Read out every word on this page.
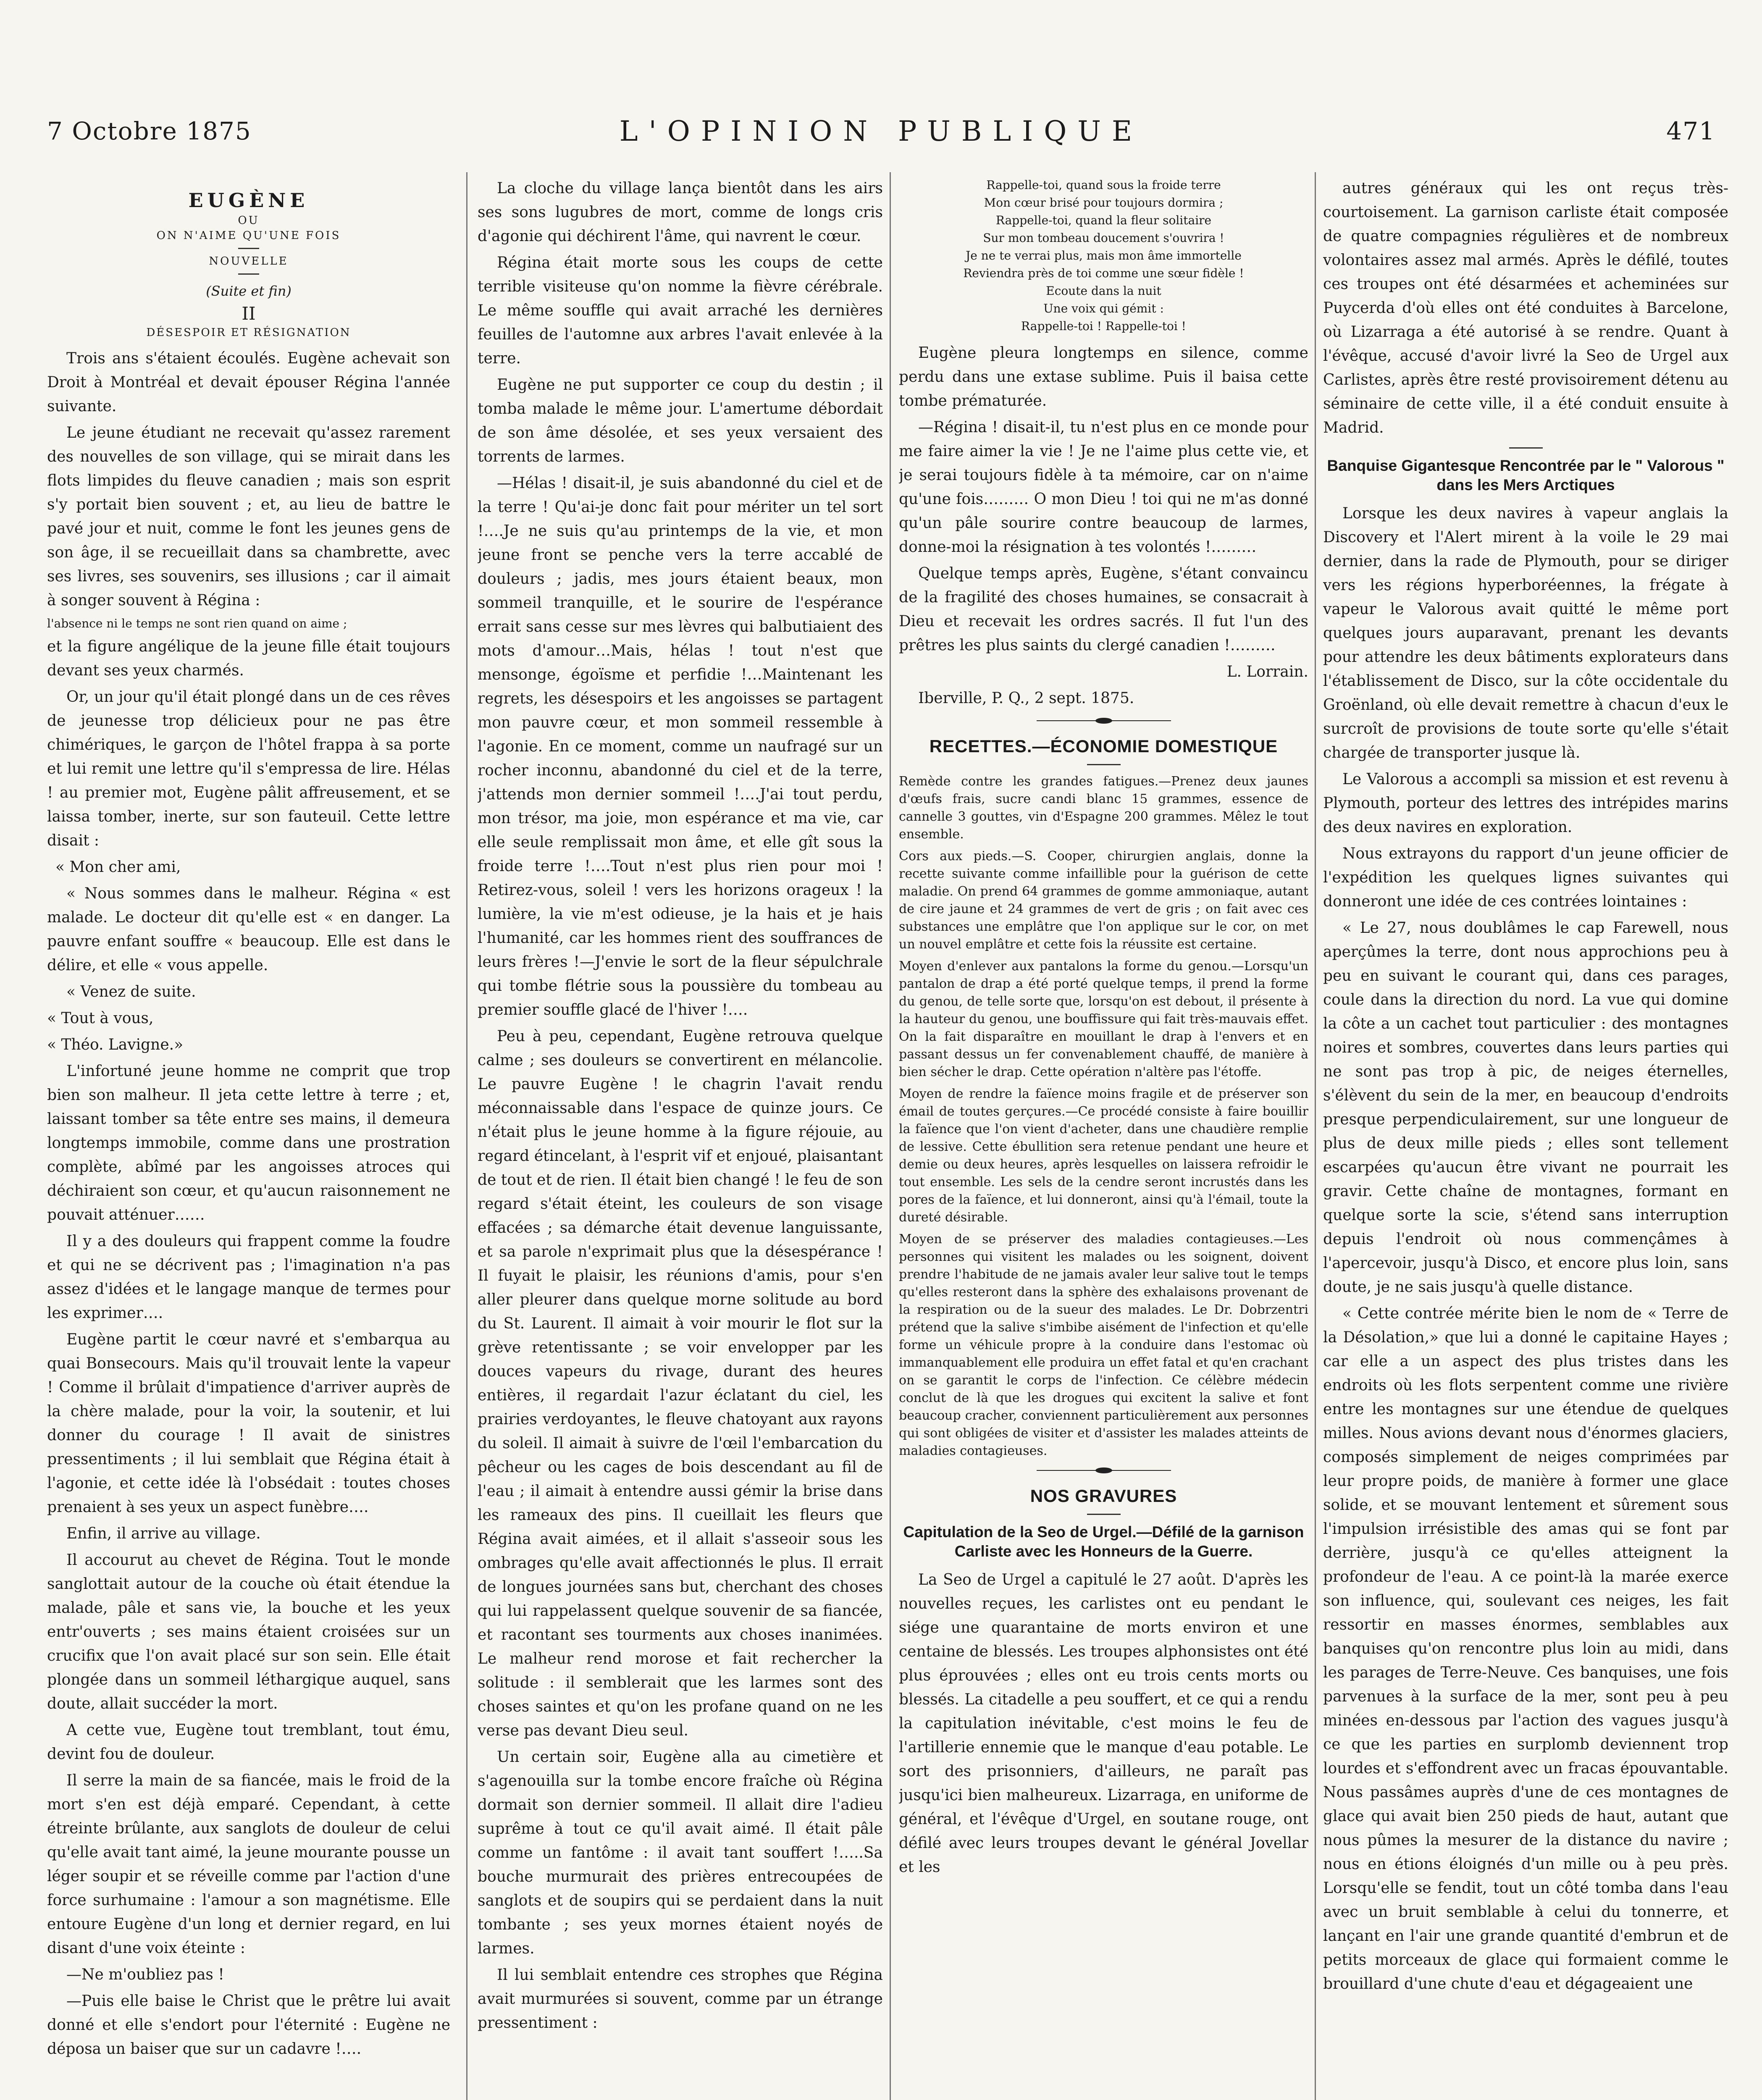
7 Octobre 1875	L'OPINION PUBLIQUE	471
EUGÈNE
OU
ON N'AIME QU'UNE FOIS
NOUVELLE
(Suite et fin)
II
DÉSESPOIR ET RÉSIGNATION

Trois ans s'étaient écoulés. Eugène achevait son Droit à Montréal et devait épouser Régina l'année suivante.

Le jeune étudiant ne recevait qu'assez rarement des nouvelles de son village, qui se mirait dans les flots limpides du fleuve canadien ; mais son esprit s'y portait bien souvent ; et, au lieu de battre le pavé jour et nuit, comme le font les jeunes gens de son âge, il se recueillait dans sa chambrette, avec ses livres, ses souvenirs, ses illusions ; car il aimait à songer souvent à Régina :

l'absence ni le temps ne sont rien quand on aime ;

et la figure angélique de la jeune fille était toujours devant ses yeux charmés.

Or, un jour qu'il était plongé dans un de ces rêves de jeunesse trop délicieux pour ne pas être chimériques, le garçon de l'hôtel frappa à sa porte et lui remit une lettre qu'il s'empressa de lire. Hélas ! au premier mot, Eugène pâlit affreusement, et se laissa tomber, inerte, sur son fauteuil. Cette lettre disait :

« Mon cher ami,

« Nous sommes dans le malheur. Régina « est malade. Le docteur dit qu'elle est « en danger. La pauvre enfant souffre « beaucoup. Elle est dans le délire, et elle « vous appelle.

« Venez de suite.

« Tout à vous,

« Théo. Lavigne.»

L'infortuné jeune homme ne comprit que trop bien son malheur. Il jeta cette lettre à terre ; et, laissant tomber sa tête entre ses mains, il demeura longtemps immobile, comme dans une prostration complète, abîmé par les angoisses atroces qui déchiraient son cœur, et qu'aucun raisonnement ne pouvait atténuer……

Il y a des douleurs qui frappent comme la foudre et qui ne se décrivent pas ; l'imagination n'a pas assez d'idées et le langage manque de termes pour les exprimer….

Eugène partit le cœur navré et s'embarqua au quai Bonsecours. Mais qu'il trouvait lente la vapeur ! Comme il brûlait d'impatience d'arriver auprès de la chère malade, pour la voir, la soutenir, et lui donner du courage ! Il avait de sinistres pressentiments ; il lui semblait que Régina était à l'agonie, et cette idée là l'obsédait : toutes choses prenaient à ses yeux un aspect funèbre….

Enfin, il arrive au village.

Il accourut au chevet de Régina. Tout le monde sanglottait autour de la couche où était étendue la malade, pâle et sans vie, la bouche et les yeux entr'ouverts ; ses mains étaient croisées sur un crucifix que l'on avait placé sur son sein. Elle était plongée dans un sommeil léthargique auquel, sans doute, allait succéder la mort.

A cette vue, Eugène tout tremblant, tout ému, devint fou de douleur.

Il serre la main de sa fiancée, mais le froid de la mort s'en est déjà emparé. Cependant, à cette étreinte brûlante, aux sanglots de douleur de celui qu'elle avait tant aimé, la jeune mourante pousse un léger soupir et se réveille comme par l'action d'une force surhumaine : l'amour a son magnétisme. Elle entoure Eugène d'un long et dernier regard, en lui disant d'une voix éteinte :

—Ne m'oubliez pas !

—Puis elle baise le Christ que le prêtre lui avait donné et elle s'endort pour l'éternité : Eugène ne déposa un baiser que sur un cadavre !….

La cloche du village lança bientôt dans les airs ses sons lugubres de mort, comme de longs cris d'agonie qui déchirent l'âme, qui navrent le cœur.

Régina était morte sous les coups de cette terrible visiteuse qu'on nomme la fièvre cérébrale. Le même souffle qui avait arraché les dernières feuilles de l'automne aux arbres l'avait enlevée à la terre.

Eugène ne put supporter ce coup du destin ; il tomba malade le même jour. L'amertume débordait de son âme désolée, et ses yeux versaient des torrents de larmes.

—Hélas ! disait-il, je suis abandonné du ciel et de la terre ! Qu'ai-je donc fait pour mériter un tel sort !….Je ne suis qu'au printemps de la vie, et mon jeune front se penche vers la terre accablé de douleurs ; jadis, mes jours étaient beaux, mon sommeil tranquille, et le sourire de l'espérance errait sans cesse sur mes lèvres qui balbutiaient des mots d'amour…Mais, hélas ! tout n'est que mensonge, égoïsme et perfidie !…Maintenant les regrets, les désespoirs et les angoisses se partagent mon pauvre cœur, et mon sommeil ressemble à l'agonie. En ce moment, comme un naufragé sur un rocher inconnu, abandonné du ciel et de la terre, j'attends mon dernier sommeil !….J'ai tout perdu, mon trésor, ma joie, mon espérance et ma vie, car elle seule remplissait mon âme, et elle gît sous la froide terre !….Tout n'est plus rien pour moi ! Retirez-vous, soleil ! vers les horizons orageux ! la lumière, la vie m'est odieuse, je la hais et je hais l'humanité, car les hommes rient des souffrances de leurs frères !—J'envie le sort de la fleur sépulchrale qui tombe flétrie sous la poussière du tombeau au premier souffle glacé de l'hiver !….

Peu à peu, cependant, Eugène retrouva quelque calme ; ses douleurs se convertirent en mélancolie. Le pauvre Eugène ! le chagrin l'avait rendu méconnaissable dans l'espace de quinze jours. Ce n'était plus le jeune homme à la figure réjouie, au regard étincelant, à l'esprit vif et enjoué, plaisantant de tout et de rien. Il était bien changé ! le feu de son regard s'était éteint, les couleurs de son visage effacées ; sa démarche était devenue languissante, et sa parole n'exprimait plus que la désespérance ! Il fuyait le plaisir, les réunions d'amis, pour s'en aller pleurer dans quelque morne solitude au bord du St. Laurent. Il aimait à voir mourir le flot sur la grève retentissante ; se voir envelopper par les douces vapeurs du rivage, durant des heures entières, il regardait l'azur éclatant du ciel, les prairies verdoyantes, le fleuve chatoyant aux rayons du soleil. Il aimait à suivre de l'œil l'embarcation du pêcheur ou les cages de bois descendant au fil de l'eau ; il aimait à entendre aussi gémir la brise dans les rameaux des pins. Il cueillait les fleurs que Régina avait aimées, et il allait s'asseoir sous les ombrages qu'elle avait affectionnés le plus. Il errait de longues journées sans but, cherchant des choses qui lui rappelassent quelque souvenir de sa fiancée, et racontant ses tourments aux choses inanimées. Le malheur rend morose et fait rechercher la solitude : il semblerait que les larmes sont des choses saintes et qu'on les profane quand on ne les verse pas devant Dieu seul.

Un certain soir, Eugène alla au cimetière et s'agenouilla sur la tombe encore fraîche où Régina dormait son dernier sommeil. Il allait dire l'adieu suprême à tout ce qu'il avait aimé. Il était pâle comme un fantôme : il avait tant souffert !…..Sa bouche murmurait des prières entrecoupées de sanglots et de soupirs qui se perdaient dans la nuit tombante ; ses yeux mornes étaient noyés de larmes.

Il lui semblait entendre ces strophes que Régina avait murmurées si souvent, comme par un étrange pressentiment :

Rappelle-toi, quand sous la froide terre
Mon cœur brisé pour toujours dormira ;
Rappelle-toi, quand la fleur solitaire
Sur mon tombeau doucement s'ouvrira !
Je ne te verrai plus, mais mon âme immortelle
Reviendra près de toi comme une sœur fidèle !
Ecoute dans la nuit
Une voix qui gémit :
Rappelle-toi ! Rappelle-toi !

Eugène pleura longtemps en silence, comme perdu dans une extase sublime. Puis il baisa cette tombe prématurée.

—Régina ! disait-il, tu n'est plus en ce monde pour me faire aimer la vie ! Je ne l'aime plus cette vie, et je serai toujours fidèle à ta mémoire, car on n'aime qu'une fois……… O mon Dieu ! toi qui ne m'as donné qu'un pâle sourire contre beaucoup de larmes, donne-moi la résignation à tes volontés !………

Quelque temps après, Eugène, s'étant convaincu de la fragilité des choses humaines, se consacrait à Dieu et recevait les ordres sacrés. Il fut l'un des prêtres les plus saints du clergé canadien !………

L. Lorrain.

Iberville, P. Q., 2 sept. 1875.

RECETTES.—ÉCONOMIE DOMESTIQUE
Remède contre les grandes fatigues.—Prenez deux jaunes d'œufs frais, sucre candi blanc 15 grammes, essence de cannelle 3 gouttes, vin d'Espagne 200 grammes. Mêlez le tout ensemble.
Cors aux pieds.—S. Cooper, chirurgien anglais, donne la recette suivante comme infaillible pour la guérison de cette maladie. On prend 64 grammes de gomme ammoniaque, autant de cire jaune et 24 grammes de vert de gris ; on fait avec ces substances une emplâtre que l'on applique sur le cor, on met un nouvel emplâtre et cette fois la réussite est certaine.
Moyen d'enlever aux pantalons la forme du genou.—Lorsqu'un pantalon de drap a été porté quelque temps, il prend la forme du genou, de telle sorte que, lorsqu'on est debout, il présente à la hauteur du genou, une bouffissure qui fait très-mauvais effet. On la fait disparaître en mouillant le drap à l'envers et en passant dessus un fer convenablement chauffé, de manière à bien sécher le drap. Cette opération n'altère pas l'étoffe.
Moyen de rendre la faïence moins fragile et de préserver son émail de toutes gerçures.—Ce procédé consiste à faire bouillir la faïence que l'on vient d'acheter, dans une chaudière remplie de lessive. Cette ébullition sera retenue pendant une heure et demie ou deux heures, après lesquelles on laissera refroidir le tout ensemble. Les sels de la cendre seront incrustés dans les pores de la faïence, et lui donneront, ainsi qu'à l'émail, toute la dureté désirable.
Moyen de se préserver des maladies contagieuses.—Les personnes qui visitent les malades ou les soignent, doivent prendre l'habitude de ne jamais avaler leur salive tout le temps qu'elles resteront dans la sphère des exhalaisons provenant de la respiration ou de la sueur des malades. Le Dr. Dobrzentri prétend que la salive s'imbibe aisément de l'infection et qu'elle forme un véhicule propre à la conduire dans l'estomac où immanquablement elle produira un effet fatal et qu'en crachant on se garantit le corps de l'infection. Ce célèbre médecin conclut de là que les drogues qui excitent la salive et font beaucoup cracher, conviennent particulièrement aux personnes qui sont obligées de visiter et d'assister les malades atteints de maladies contagieuses.
NOS GRAVURES
Capitulation de la Seo de Urgel.—Défilé de la garnison Carliste avec les Honneurs de la Guerre.

La Seo de Urgel a capitulé le 27 août. D'après les nouvelles reçues, les carlistes ont eu pendant le siége une quarantaine de morts environ et une centaine de blessés. Les troupes alphonsistes ont été plus éprouvées ; elles ont eu trois cents morts ou blessés. La citadelle a peu souffert, et ce qui a rendu la capitulation inévitable, c'est moins le feu de l'artillerie ennemie que le manque d'eau potable. Le sort des prisonniers, d'ailleurs, ne paraît pas jusqu'ici bien malheureux. Lizarraga, en uniforme de général, et l'évêque d'Urgel, en soutane rouge, ont défilé avec leurs troupes devant le général Jovellar et les

autres généraux qui les ont reçus très-courtoisement. La garnison carliste était composée de quatre compagnies régulières et de nombreux volontaires assez mal armés. Après le défilé, toutes ces troupes ont été désarmées et acheminées sur Puycerda d'où elles ont été conduites à Barcelone, où Lizarraga a été autorisé à se rendre. Quant à l'évêque, accusé d'avoir livré la Seo de Urgel aux Carlistes, après être resté provisoirement détenu au séminaire de cette ville, il a été conduit ensuite à Madrid.

Banquise Gigantesque Rencontrée par le " Valorous " dans les Mers Arctiques

Lorsque les deux navires à vapeur anglais la Discovery et l'Alert mirent à la voile le 29 mai dernier, dans la rade de Plymouth, pour se diriger vers les régions hyperboréennes, la frégate à vapeur le Valorous avait quitté le même port quelques jours auparavant, prenant les devants pour attendre les deux bâtiments explorateurs dans l'établissement de Disco, sur la côte occidentale du Groënland, où elle devait remettre à chacun d'eux le surcroît de provisions de toute sorte qu'elle s'était chargée de transporter jusque là.

Le Valorous a accompli sa mission et est revenu à Plymouth, porteur des lettres des intrépides marins des deux navires en exploration.

Nous extrayons du rapport d'un jeune officier de l'expédition les quelques lignes suivantes qui donneront une idée de ces contrées lointaines :

« Le 27, nous doublâmes le cap Farewell, nous aperçûmes la terre, dont nous approchions peu à peu en suivant le courant qui, dans ces parages, coule dans la direction du nord. La vue qui domine la côte a un cachet tout particulier : des montagnes noires et sombres, couvertes dans leurs parties qui ne sont pas trop à pic, de neiges éternelles, s'élèvent du sein de la mer, en beaucoup d'endroits presque perpendiculairement, sur une longueur de plus de deux mille pieds ; elles sont tellement escarpées qu'aucun être vivant ne pourrait les gravir. Cette chaîne de montagnes, formant en quelque sorte la scie, s'étend sans interruption depuis l'endroit où nous commençâmes à l'apercevoir, jusqu'à Disco, et encore plus loin, sans doute, je ne sais jusqu'à quelle distance.

« Cette contrée mérite bien le nom de « Terre de la Désolation,» que lui a donné le capitaine Hayes ; car elle a un aspect des plus tristes dans les endroits où les flots serpentent comme une rivière entre les montagnes sur une étendue de quelques milles. Nous avions devant nous d'énormes glaciers, composés simplement de neiges comprimées par leur propre poids, de manière à former une glace solide, et se mouvant lentement et sûrement sous l'impulsion irrésistible des amas qui se font par derrière, jusqu'à ce qu'elles atteignent la profondeur de l'eau. A ce point-là la marée exerce son influence, qui, soulevant ces neiges, les fait ressortir en masses énormes, semblables aux banquises qu'on rencontre plus loin au midi, dans les parages de Terre-Neuve. Ces banquises, une fois parvenues à la surface de la mer, sont peu à peu minées en-dessous par l'action des vagues jusqu'à ce que les parties en surplomb deviennent trop lourdes et s'effondrent avec un fracas épouvantable. Nous passâmes auprès d'une de ces montagnes de glace qui avait bien 250 pieds de haut, autant que nous pûmes la mesurer de la distance du navire ; nous en étions éloignés d'un mille ou à peu près. Lorsqu'elle se fendit, tout un côté tomba dans l'eau avec un bruit semblable à celui du tonnerre, et lançant en l'air une grande quantité d'embrun et de petits morceaux de glace qui formaient comme le brouillard d'une chute d'eau et dégageaient une
